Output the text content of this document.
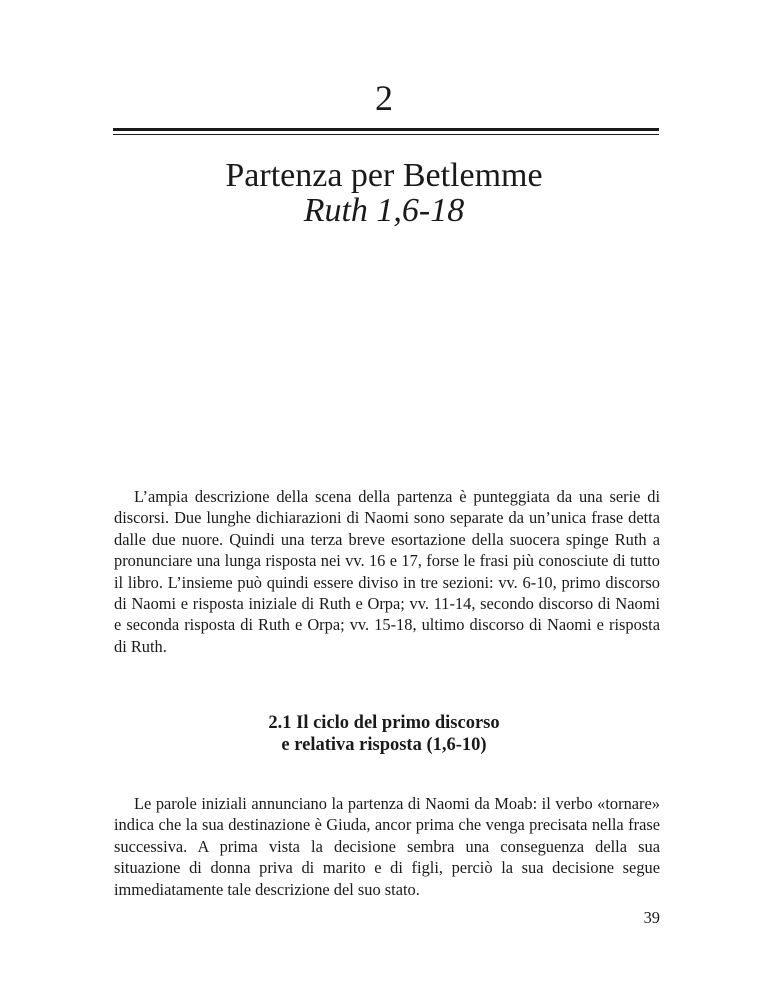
2
Partenza per Betlemme
Ruth 1,6-18

L’ampia descrizione della scena della partenza è punteggiata da una serie di discorsi. Due lunghe dichiarazioni di Naomi sono separate da un’unica frase detta dalle due nuore. Quindi una terza breve esortazione della suocera spinge Ruth a pronunciare una lunga risposta nei vv. 16 e 17, forse le frasi più conosciute di tutto il libro. L’insieme può quindi essere diviso in tre sezioni: vv. 6-10, primo discorso di Naomi e risposta iniziale di Ruth e Orpa; vv. 11-14, secondo discorso di Naomi e seconda risposta di Ruth e Orpa; vv. 15-18, ultimo discorso di Naomi e risposta di Ruth.

2.1 Il ciclo del primo discorso
e relativa risposta (1,6-10)

Le parole iniziali annunciano la partenza di Naomi da Moab: il verbo «tornare» indica che la sua destinazione è Giuda, ancor prima che venga precisata nella frase successiva. A prima vista la decisione sembra una conseguenza della sua situazione di donna priva di marito e di figli, perciò la sua decisione segue immediatamente tale descrizione del suo stato.

39
